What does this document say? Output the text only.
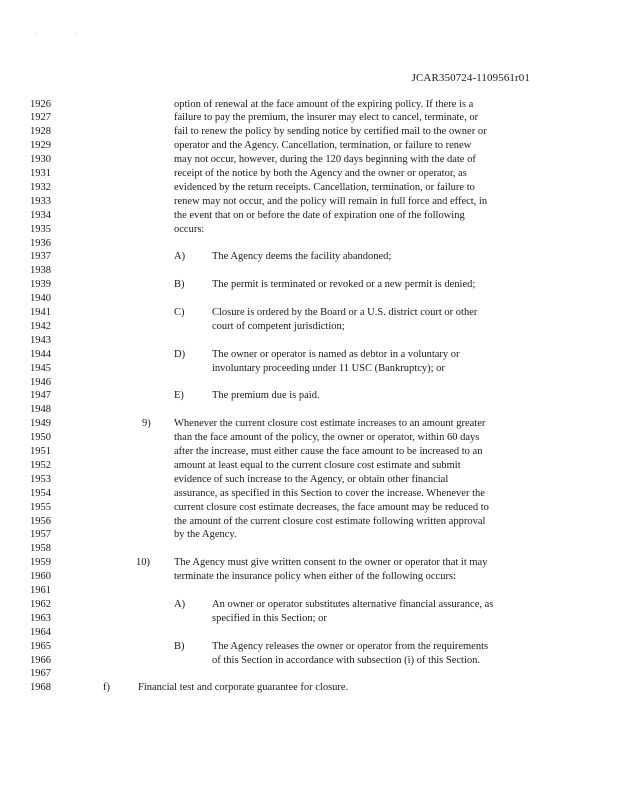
. .
JCAR350724-1109561r01
1926	option of renewal at the face amount of the expiring policy. If there is a
1927	failure to pay the premium, the insurer may elect to cancel, terminate, or
1928	fail to renew the policy by sending notice by certified mail to the owner or
1929	operator and the Agency. Cancellation, termination, or failure to renew
1930	may not occur, however, during the 120 days beginning with the date of
1931	receipt of the notice by both the Agency and the owner or operator, as
1932	evidenced by the return receipts. Cancellation, termination, or failure to
1933	renew may not occur, and the policy will remain in full force and effect, in
1934	the event that on or before the date of expiration one of the following
1935	occurs:
1936
1937	A)	The Agency deems the facility abandoned;
1938
1939	B)	The permit is terminated or revoked or a new permit is denied;
1940
1941	C)	Closure is ordered by the Board or a U.S. district court or other
1942	court of competent jurisdiction;
1943
1944	D)	The owner or operator is named as debtor in a voluntary or
1945	involuntary proceeding under 11 USC (Bankruptcy); or
1946
1947	E)	The premium due is paid.
1948
1949	9) Whenever the current closure cost estimate increases to an amount greater
1950	than the face amount of the policy, the owner or operator, within 60 days
1951	after the increase, must either cause the face amount to be increased to an
1952	amount at least equal to the current closure cost estimate and submit
1953	evidence of such increase to the Agency, or obtain other financial
1954	assurance, as specified in this Section to cover the increase. Whenever the
1955	current closure cost estimate decreases, the face amount may be reduced to
1956	the amount of the current closure cost estimate following written approval
1957	by the Agency.
1958
1959	10) The Agency must give written consent to the owner or operator that it may
1960	terminate the insurance policy when either of the following occurs:
1961
1962	A)	An owner or operator substitutes alternative financial assurance, as
1963	specified in this Section; or
1964
1965	B)	The Agency releases the owner or operator from the requirements
1966	of this Section in accordance with subsection (i) of this Section.
1967
1968	f)	Financial test and corporate guarantee for closure.
